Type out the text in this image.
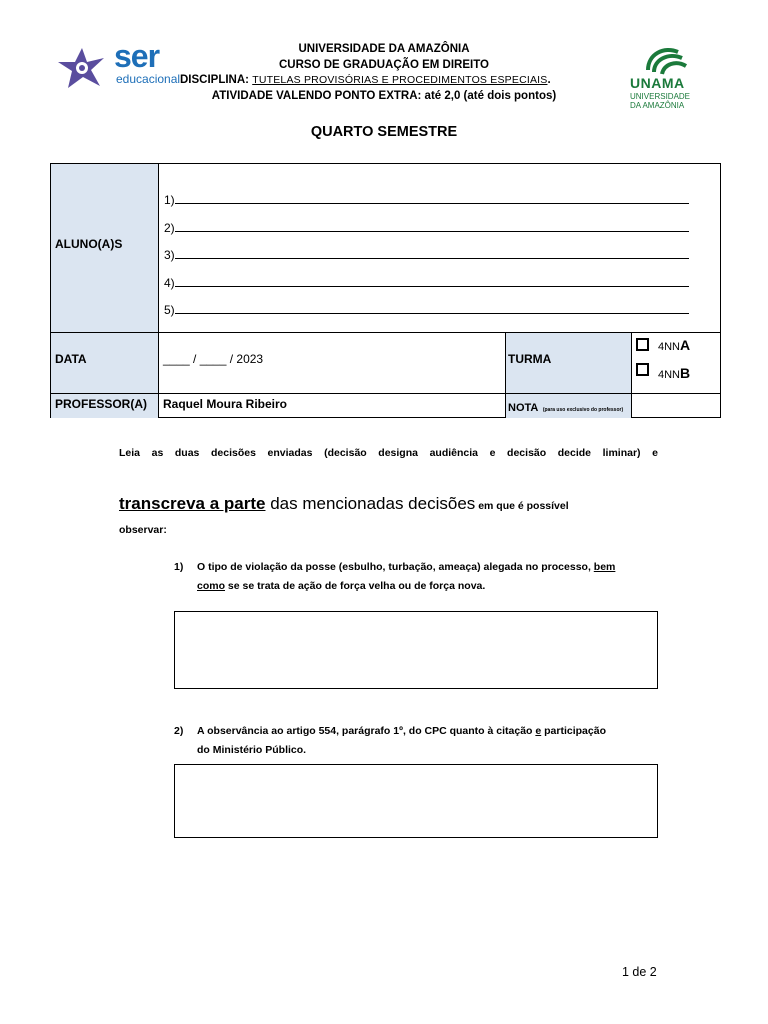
ser
educacional	UNAMA
UNIVERSIDADE
DA AMAZÔNIA
UNIVERSIDADE DA AMAZÔNIA
CURSO DE GRADUAÇÃO EM DIREITO
DISCIPLINA: TUTELAS PROVISÓRIAS E PROCEDIMENTOS ESPECIAIS.
ATIVIDADE VALENDO PONTO EXTRA: até 2,0 (até dois pontos)
QUARTO SEMESTRE
ALUNO(A)S
DATA
PROFESSOR(A)
TURMA
NOTA (para uso exclusivo do professor)
1)
2)
3)
4)
5)
____ / ____ / 2023
4NNA
4NNB
Raquel Moura Ribeiro
Leia as duas decisões enviadas (decisão designa audiência e decisão decide liminar) e
transcreva a parte das mencionadas decisões em que é possível
observar:
1) O tipo de violação da posse (esbulho, turbação, ameaça) alegada no processo, bem
como se se trata de ação de força velha ou de força nova.
2) A observância ao artigo 554, parágrafo 1º, do CPC quanto à citação e participação
do Ministério Público.
1 de 2
